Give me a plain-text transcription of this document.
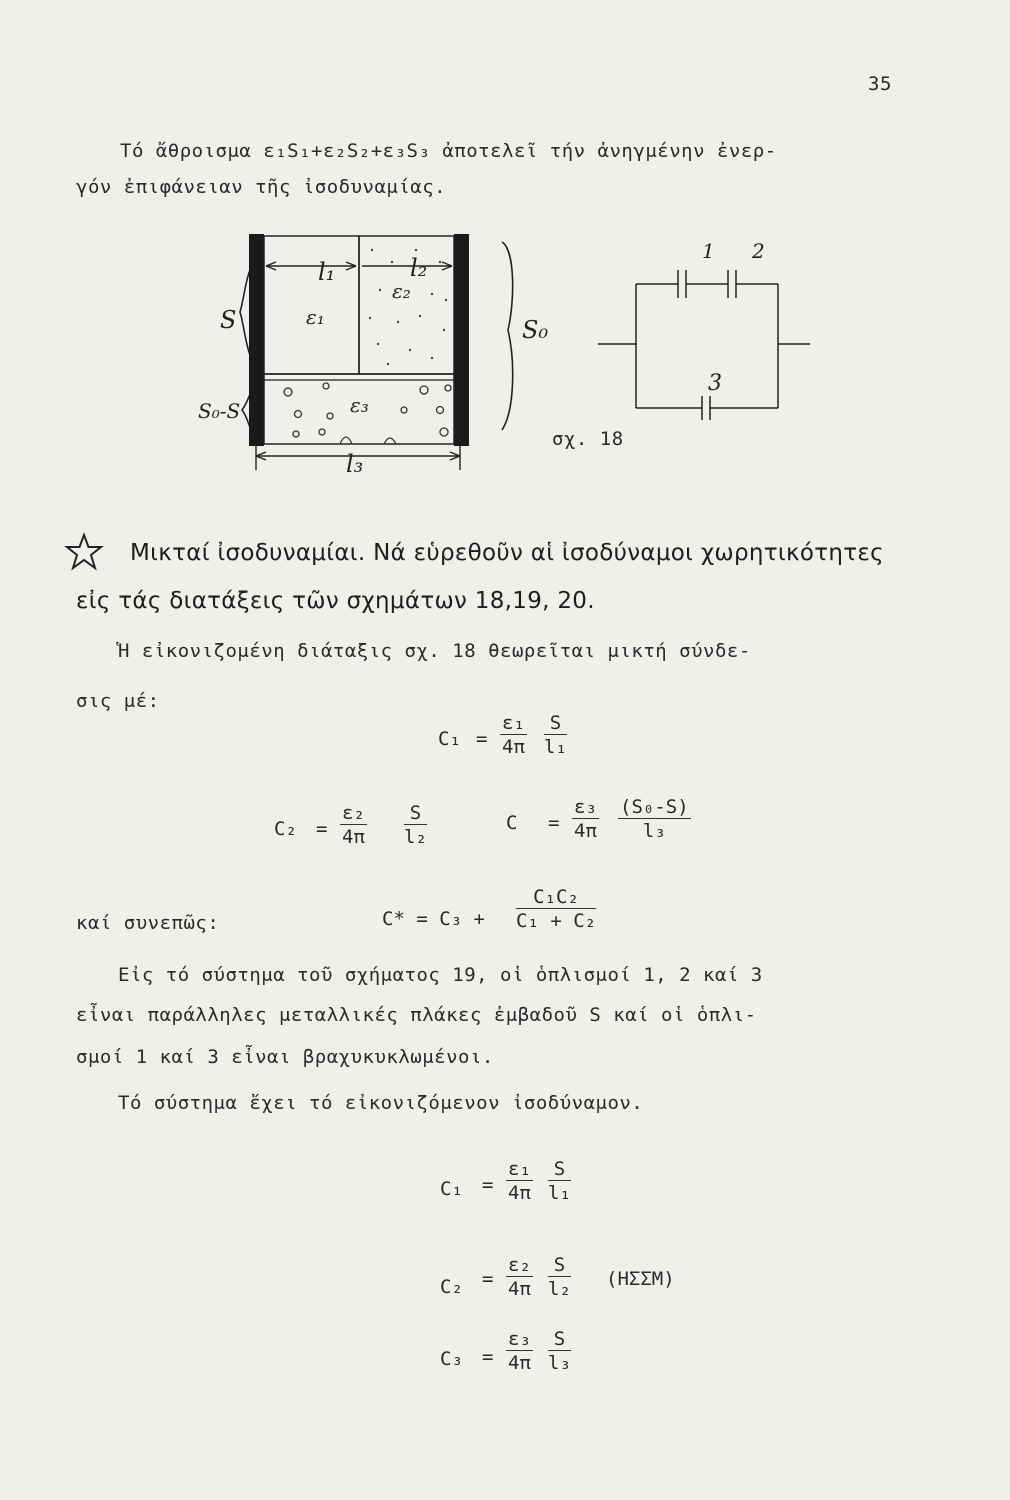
35
Τό ἄθροισμα ε₁S₁+ε₂S₂+ε₃S₃ ἀποτελεῖ τήν ἀνηγμένην ἐνερ-
γόν ἐπιφάνειαν τῆς ἰσοδυναμίας.
l₁	l₂
ε₁
ε₂
ε₃
l₃
S
S₀-S
S₀
1 2
3
σχ. 18
Μικταί ἰσοδυναμίαι. Νά εὑρεθοῦν αἱ ἰσοδύναμοι χωρητικότητες
εἰς τάς διατάξεις τῶν σχημάτων 18,19, 20.
Ἡ εἰκονιζομένη διάταξις σχ. 18 θεωρεῖται μικτή σύνδε-
σις μέ:
$C_1 = \frac{\text{ε₁}}{4\pi} \frac{S}{\text{l₁}}$
$C_2 = \frac{\text{ε₂}}{4\pi} \frac{S}{\text{l₂}}$	$C = \frac{\text{ε₃}}{4\pi} \frac{\text{(S₀-S)}}{\text{l₃}}$
καί συνεπῶς:	$C* = C_3 + \frac{\text{C₁C₂}}{\text{C₁ + C₂}}$
Εἰς τό σύστημα τοῦ σχήματος 19, οἱ ὁπλισμοί 1, 2 καί 3
εἶναι παράλληλες μεταλλικές πλάκες ἐμβαδοῦ S καί οἱ ὁπλι-
σμοί 1 καί 3 εἶναι βραχυκυκλωμένοι.
Τό σύστημα ἔχει τό εἰκονιζόμενον ἰσοδύναμον.
$C_1 = \frac{\text{ε₁}}{4\pi} \frac{S}{\text{l₁}}$
$C_2 = \frac{\text{ε₂}}{4\pi} \frac{S}{\text{l₂}} (H\Sigma\Sigma M)$
$C_3 = \frac{\text{ε₃}}{4\pi} \frac{S}{\text{l₃}}$
